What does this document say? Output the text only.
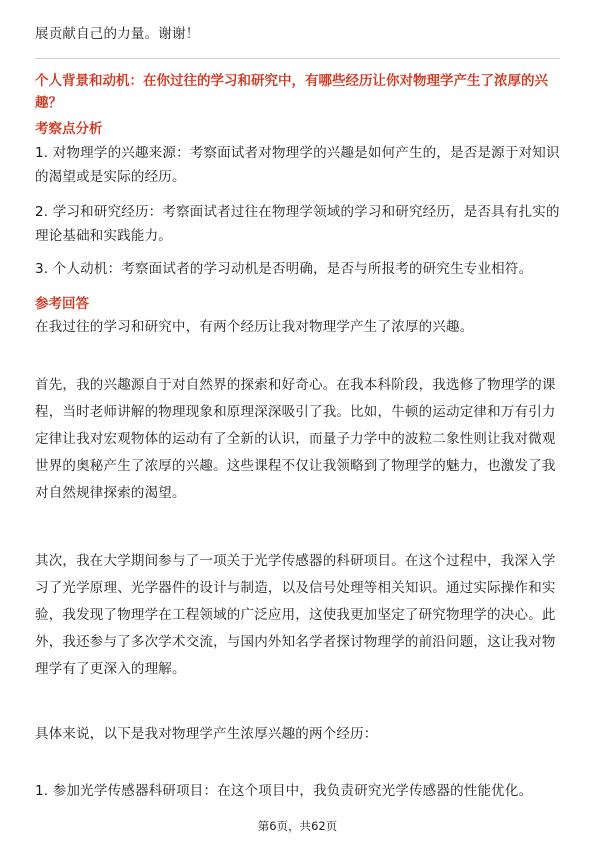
展贡献自己的力量。谢谢！

个人背景和动机：在你过往的学习和研究中，有哪些经历让你对物理学产生了浓厚的兴趣？
考察点分析

1. 对物理学的兴趣来源：考察面试者对物理学的兴趣是如何产生的，是否是源于对知识的渴望或是实际的经历。

2. 学习和研究经历：考察面试者过往在物理学领域的学习和研究经历，是否具有扎实的理论基础和实践能力。

3. 个人动机：考察面试者的学习动机是否明确，是否与所报考的研究生专业相符。

参考回答

在我过往的学习和研究中，有两个经历让我对物理学产生了浓厚的兴趣。

首先，我的兴趣源自于对自然界的探索和好奇心。在我本科阶段，我选修了物理学的课程，当时老师讲解的物理现象和原理深深吸引了我。比如，牛顿的运动定律和万有引力定律让我对宏观物体的运动有了全新的认识，而量子力学中的波粒二象性则让我对微观世界的奥秘产生了浓厚的兴趣。这些课程不仅让我领略到了物理学的魅力，也激发了我对自然规律探索的渴望。

其次，我在大学期间参与了一项关于光学传感器的科研项目。在这个过程中，我深入学习了光学原理、光学器件的设计与制造，以及信号处理等相关知识。通过实际操作和实验，我发现了物理学在工程领域的广泛应用，这使我更加坚定了研究物理学的决心。此外，我还参与了多次学术交流，与国内外知名学者探讨物理学的前沿问题，这让我对物理学有了更深入的理解。

具体来说，以下是我对物理学产生浓厚兴趣的两个经历：

1. 参加光学传感器科研项目：在这个项目中，我负责研究光学传感器的性能优化。

第6页，共62页
